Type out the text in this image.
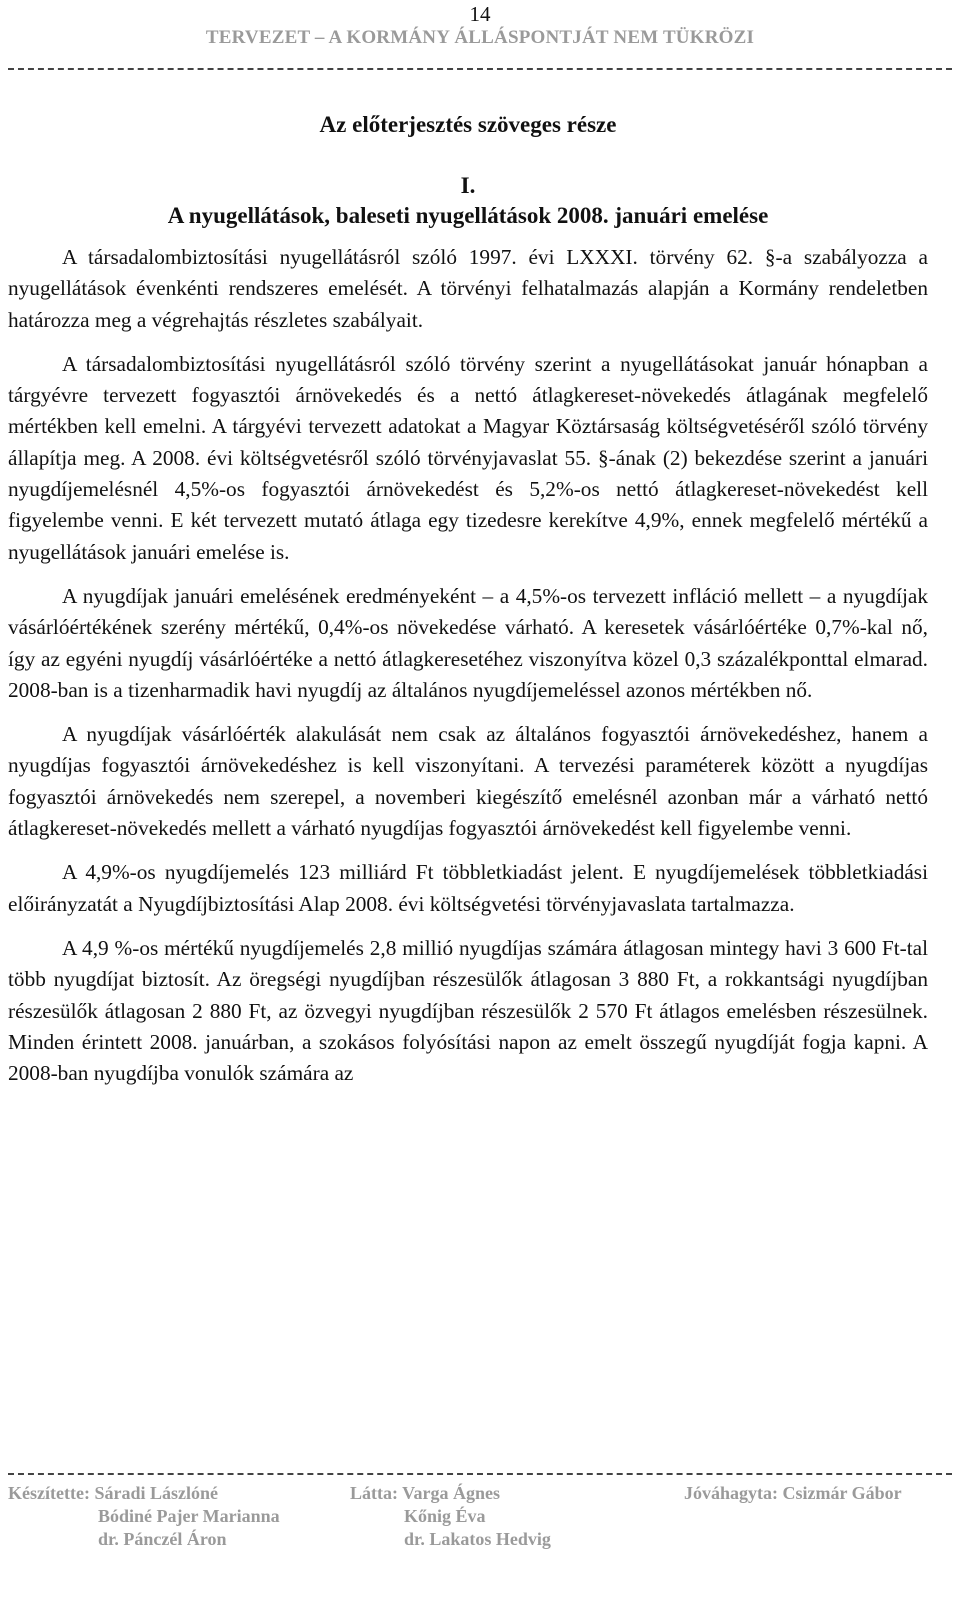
14
TERVEZET – A KORMÁNY ÁLLÁSPONTJÁT NEM TÜKRÖZI
Az előterjesztés szöveges része
I.
A nyugellátások, baleseti nyugellátások 2008. januári emelése

A társadalombiztosítási nyugellátásról szóló 1997. évi LXXXI. törvény 62. §-a szabályozza a nyugellátások évenkénti rendszeres emelését. A törvényi felhatalmazás alapján a Kormány rendeletben határozza meg a végrehajtás részletes szabályait.

A társadalombiztosítási nyugellátásról szóló törvény szerint a nyugellátásokat január hónapban a tárgyévre tervezett fogyasztói árnövekedés és a nettó átlagkereset-növekedés átlagának megfelelő mértékben kell emelni. A tárgyévi tervezett adatokat a Magyar Köztársaság költségvetéséről szóló törvény állapítja meg. A 2008. évi költségvetésről szóló törvényjavaslat 55. §-ának (2) bekezdése szerint a januári nyugdíjemelésnél 4,5%-os fogyasztói árnövekedést és 5,2%-os nettó átlagkereset-növekedést kell figyelembe venni. E két tervezett mutató átlaga egy tizedesre kerekítve 4,9%, ennek megfelelő mértékű a nyugellátások januári emelése is.

A nyugdíjak januári emelésének eredményeként – a 4,5%-os tervezett infláció mellett – a nyugdíjak vásárlóértékének szerény mértékű, 0,4%-os növekedése várható. A keresetek vásárlóértéke 0,7%-kal nő, így az egyéni nyugdíj vásárlóértéke a nettó átlagkeresetéhez viszonyítva közel 0,3 százalékponttal elmarad. 2008-ban is a tizenharmadik havi nyugdíj az általános nyugdíjemeléssel azonos mértékben nő.

A nyugdíjak vásárlóérték alakulását nem csak az általános fogyasztói árnövekedéshez, hanem a nyugdíjas fogyasztói árnövekedéshez is kell viszonyítani. A tervezési paraméterek között a nyugdíjas fogyasztói árnövekedés nem szerepel, a novemberi kiegészítő emelésnél azonban már a várható nettó átlagkereset-növekedés mellett a várható nyugdíjas fogyasztói árnövekedést kell figyelembe venni.

A 4,9%-os nyugdíjemelés 123 milliárd Ft többletkiadást jelent. E nyugdíjemelések többletkiadási előirányzatát a Nyugdíjbiztosítási Alap 2008. évi költségvetési törvényjavaslata tartalmazza.

A 4,9 %-os mértékű nyugdíjemelés 2,8 millió nyugdíjas számára átlagosan mintegy havi 3 600 Ft-tal több nyugdíjat biztosít. Az öregségi nyugdíjban részesülők átlagosan 3 880 Ft, a rokkantsági nyugdíjban részesülők átlagosan 2 880 Ft, az özvegyi nyugdíjban részesülők 2 570 Ft átlagos emelésben részesülnek. Minden érintett 2008. januárban, a szokásos folyósítási napon az emelt összegű nyugdíját fogja kapni. A 2008-ban nyugdíjba vonulók számára az

Készítette: Sáradi Lászlóné
Bódiné Pajer Marianna
dr. Pánczél Áron
Látta: Varga Ágnes
Kőnig Éva
dr. Lakatos Hedvig
Jóváhagyta: Csizmár Gábor
